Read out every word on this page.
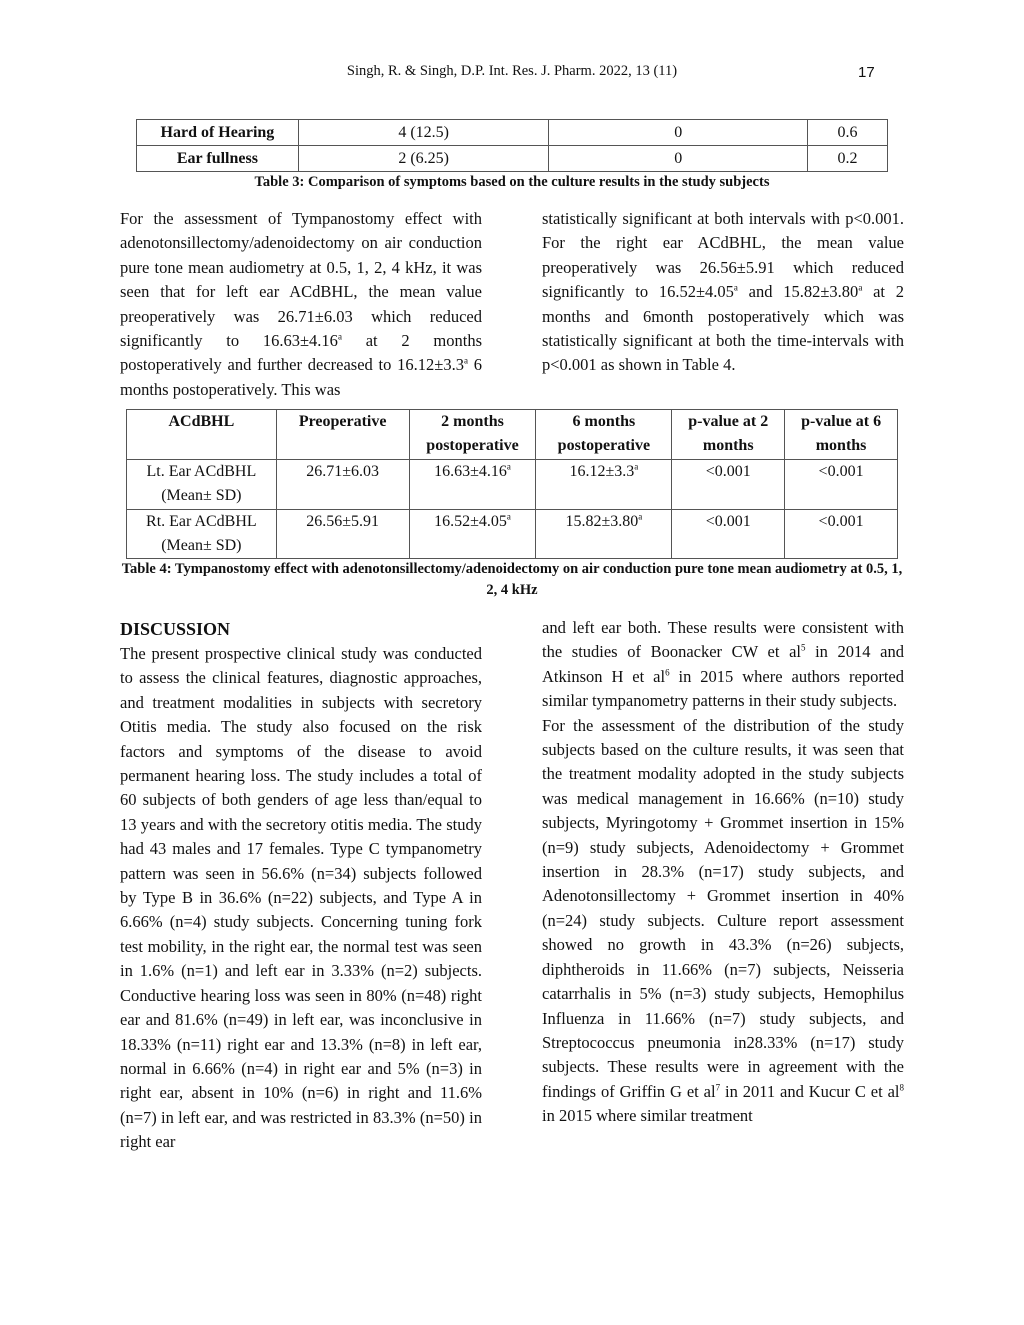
Singh, R. & Singh, D.P. Int. Res. J. Pharm. 2022, 13 (11)	17
Hard of Hearing	4 (12.5)	0	0.6
Ear fullness	2 (6.25)	0	0.2
Table 3: Comparison of symptoms based on the culture results in the study subjects

For the assessment of Tympanostomy effect with adenotonsillectomy/adenoidectomy on air conduction pure tone mean audiometry at 0.5, 1, 2, 4 kHz, it was seen that for left ear ACdBHL, the mean value preoperatively was 26.71±6.03 which reduced significantly to 16.63±4.16$^a$ at 2 months postoperatively and further decreased to 16.12±3.3$^a$ 6 months postoperatively. This was

statistically significant at both intervals with p<0.001. For the right ear ACdBHL, the mean value preoperatively was 26.56±5.91 which reduced significantly to 16.52±4.05$^a$ and 15.82±3.80$^a$ at 2 months and 6month postoperatively which was statistically significant at both the time-intervals with p<0.001 as shown in Table 4.

ACdBHL	Preoperative	2 months postoperative	6 months postoperative	p-value at 2 months	p-value at 6 months
Lt. Ear ACdBHL (Mean± SD)	26.71±6.03	16.63±4.16$^a$	16.12±3.3$^a$	<0.001	<0.001
Rt. Ear ACdBHL (Mean± SD)	26.56±5.91	16.52±4.05$^a$	15.82±3.80$^a$	<0.001	<0.001
Table 4: Tympanostomy effect with adenotonsillectomy/adenoidectomy on air conduction pure tone mean audiometry at 0.5, 1, 2, 4 kHz
DISCUSSION

The present prospective clinical study was conducted to assess the clinical features, diagnostic approaches, and treatment modalities in subjects with secretory Otitis media. The study also focused on the risk factors and symptoms of the disease to avoid permanent hearing loss. The study includes a total of 60 subjects of both genders of age less than/equal to 13 years and with the secretory otitis media. The study had 43 males and 17 females. Type C tympanometry pattern was seen in 56.6% (n=34) subjects followed by Type B in 36.6% (n=22) subjects, and Type A in 6.66% (n=4) study subjects. Concerning tuning fork test mobility, in the right ear, the normal test was seen in 1.6% (n=1) and left ear in 3.33% (n=2) subjects. Conductive hearing loss was seen in 80% (n=48) right ear and 81.6% (n=49) in left ear, was inconclusive in 18.33% (n=11) right ear and 13.3% (n=8) in left ear, normal in 6.66% (n=4) in right ear and 5% (n=3) in right ear, absent in 10% (n=6) in right and 11.6% (n=7) in left ear, and was restricted in 83.3% (n=50) in right ear

and left ear both. These results were consistent with the studies of Boonacker CW et $al^5$ in 2014 and Atkinson H et $al^6$ in 2015 where authors reported similar tympanometry patterns in their study subjects.

For the assessment of the distribution of the study subjects based on the culture results, it was seen that the treatment modality adopted in the study subjects was medical management in 16.66% (n=10) study subjects, Myringotomy + Grommet insertion in 15% (n=9) study subjects, Adenoidectomy + Grommet insertion in 28.3% (n=17) study subjects, and Adenotonsillectomy + Grommet insertion in 40% (n=24) study subjects. Culture report assessment showed no growth in 43.3% (n=26) subjects, diphtheroids in 11.66% (n=7) subjects, Neisseria catarrhalis in 5% (n=3) study subjects, Hemophilus Influenza in 11.66% (n=7) study subjects, and Streptococcus pneumonia in28.33% (n=17) study subjects. These results were in agreement with the findings of Griffin G et $al^7$ in 2011 and Kucur C et $al^8$ in 2015 where similar treatment
